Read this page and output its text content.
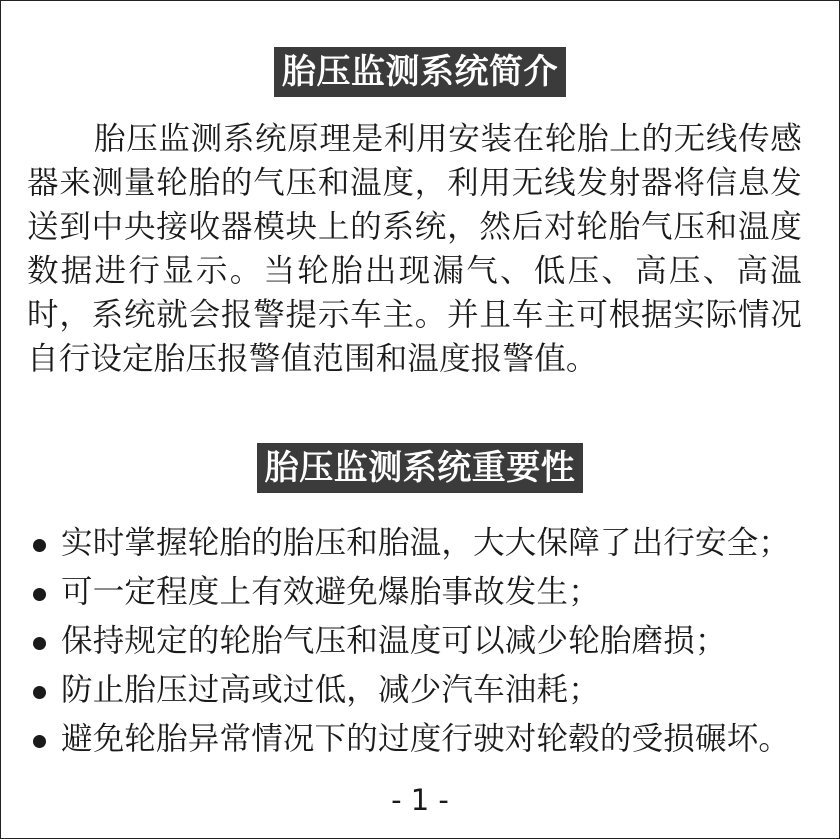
胎压监测系统简介

胎压监测系统原理是利用安装在轮胎上的无线传感器来测量轮胎的气压和温度，利用无线发射器将信息发送到中央接收器模块上的系统，然后对轮胎气压和温度数据进行显示。当轮胎出现漏气、低压、高压、高温时，系统就会报警提示车主。并且车主可根据实际情况自行设定胎压报警值范围和温度报警值。

胎压监测系统重要性
实时掌握轮胎的胎压和胎温，大大保障了出行安全；
可一定程度上有效避免爆胎事故发生；
保持规定的轮胎气压和温度可以减少轮胎磨损；
防止胎压过高或过低，减少汽车油耗；
避免轮胎异常情况下的过度行驶对轮毂的受损碾坏。
- 1 -
